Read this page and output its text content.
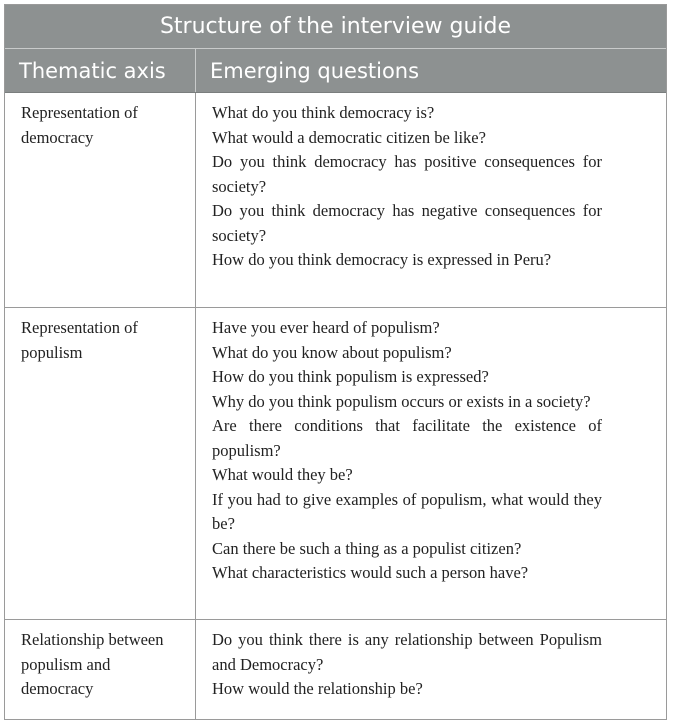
Structure of the interview guide
Thematic axis	Emerging questions
Representation of democracy

What do you think democracy is?

What would a democratic citizen be like?

Do you think democracy has positive consequences for society?

Do you think democracy has negative consequences for society?

How do you think democracy is expressed in Peru?

Representation of populism

Have you ever heard of populism?

What do you know about populism?

How do you think populism is expressed?

Why do you think populism occurs or exists in a society?

Are there conditions that facilitate the existence of populism?

What would they be?

If you had to give examples of populism, what would they be?

Can there be such a thing as a populist citizen?

What characteristics would such a person have?

Relationship between populism and democracy

Do you think there is any relationship between Populism and Democracy?

How would the relationship be?
